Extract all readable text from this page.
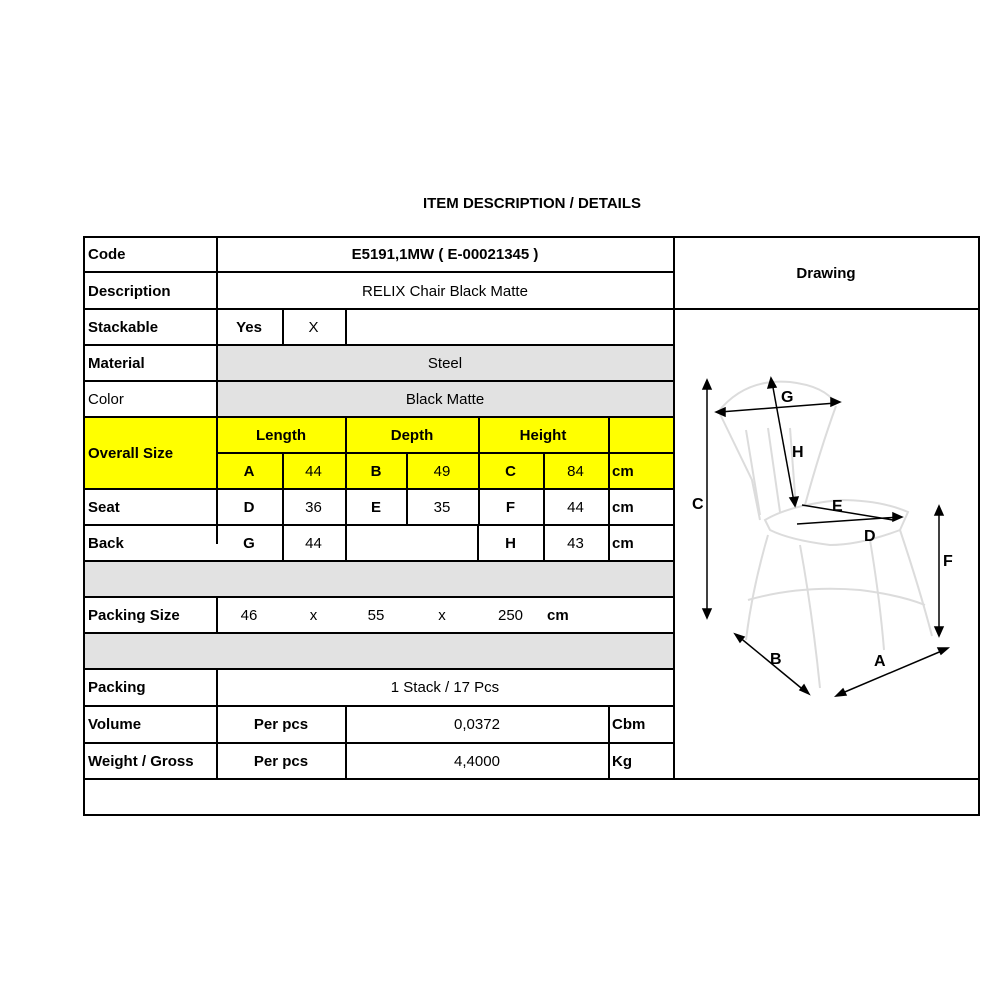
ITEM DESCRIPTION / DETAILS
Code	E5191,1MW ( E-00021345 )
Drawing
Description	RELIX Chair Black Matte
Stackable	Yes	X
Material	Steel
Color	Black Matte
Overall Size
Length	Depth	Height
A	44	B	49	C	84	cm
Seat	D	36	E	35	F	44	cm
Back	G	44	H	43	cm
Packing Size	46	x	55	x	250	cm
Packing	1 Stack / 17 Pcs
Volume	Per pcs	0,0372	Cbm
Weight / Gross	Per pcs	4,4000	Kg
C
G
H
E
D
F
B	A
